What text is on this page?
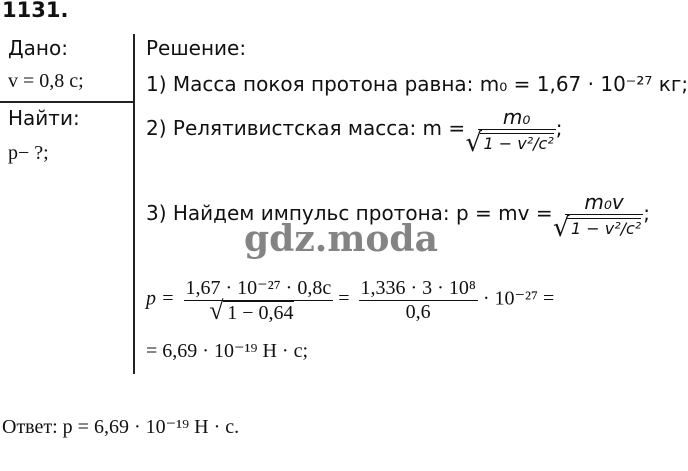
1131.
Дано:
v = 0,8 c;
Найти:
p− ?;
Решение:
1) Масса покоя протона равна: m₀ = 1,67 · 10⁻²⁷ кг;
2) Релятивистская масса: m = m₀
√ 1 − v²/c² ;
3) Найдем импульс протона: p = mv = m₀v
√ 1 − v²/c² ;
gdz.moda
p = 1,67 · 10⁻²⁷ · 0,8c
√ $1 - 0,64 = \frac{\text{1,336 · 3 · 10⁸}}{0,6} \cdot 10^{-27}$ =
= 6,69 · 10⁻¹⁹ Н · с;
Ответ: p = 6,69 · 10⁻¹⁹ Н · с.
